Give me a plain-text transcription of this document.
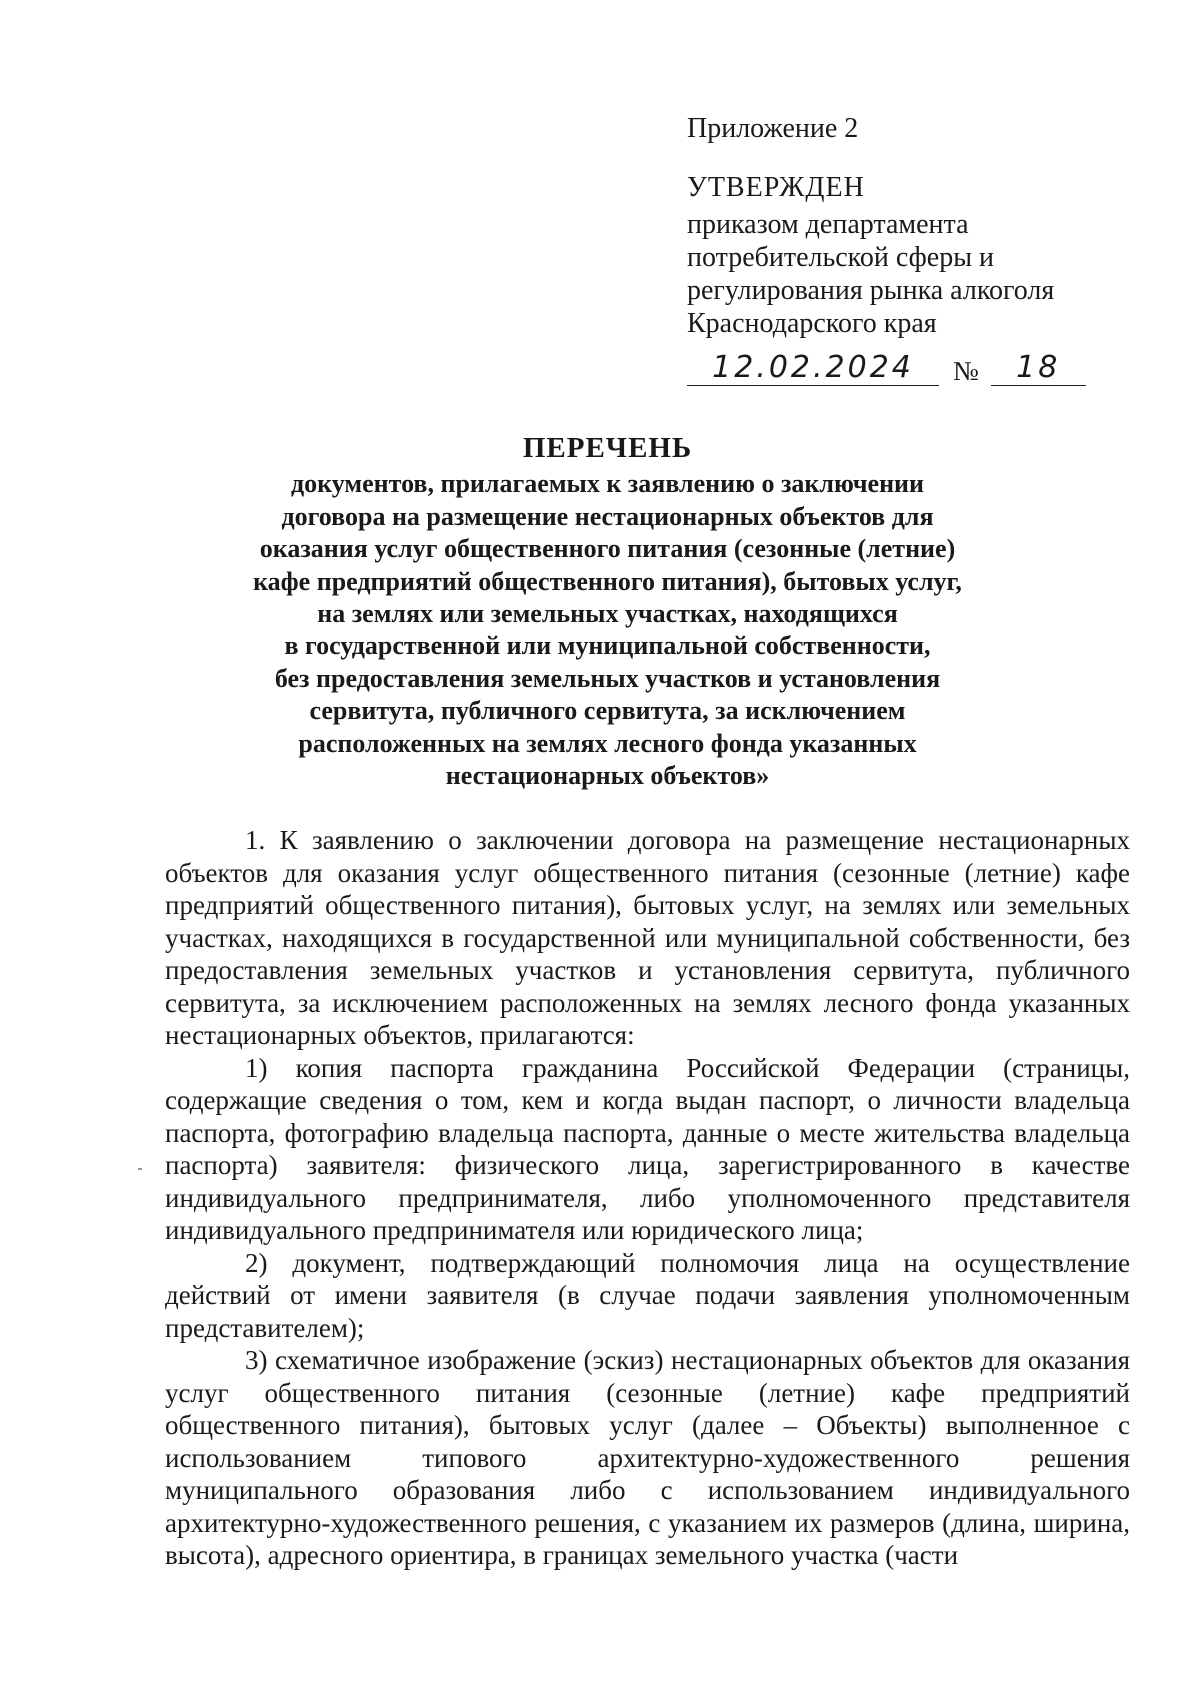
Приложение 2
УТВЕРЖДЕН
приказом департамента
потребительской сферы и
регулирования рынка алкоголя
Краснодарского края
12.02.2024	№	18
ПЕРЕЧЕНЬ
документов, прилагаемых к заявлению о заключении
договора на размещение нестационарных объектов для
оказания услуг общественного питания (сезонные (летние)
кафе предприятий общественного питания), бытовых услуг,
на землях или земельных участках, находящихся
в государственной или муниципальной собственности,
без предоставления земельных участков и установления
сервитута, публичного сервитута, за исключением
расположенных на землях лесного фонда указанных
нестационарных объектов»

1. К заявлению о заключении договора на размещение нестационарных объектов для оказания услуг общественного питания (сезонные (летние) кафе предприятий общественного питания), бытовых услуг, на землях или земельных участках, находящихся в государственной или муниципальной собственности, без предоставления земельных участков и установления сервитута, публичного сервитута, за исключением расположенных на землях лесного фонда указанных нестационарных объектов, прилагаются:

1) копия паспорта гражданина Российской Федерации (страницы, содержащие сведения о том, кем и когда выдан паспорт, о личности владельца паспорта, фотографию владельца паспорта, данные о месте жительства владельца паспорта) заявителя: физического лица, зарегистрированного в качестве индивидуального предпринимателя, либо уполномоченного представителя индивидуального предпринимателя или юридического лица;

2) документ, подтверждающий полномочия лица на осуществление действий от имени заявителя (в случае подачи заявления уполномоченным представителем);

3) схематичное изображение (эскиз) нестационарных объектов для оказания услуг общественного питания (сезонные (летние) кафе предприятий общественного питания), бытовых услуг (далее – Объекты) выполненное с использованием типового архитектурно-художественного решения муниципального образования либо с использованием индивидуального архитектурно-художественного решения, с указанием их размеров (длина, ширина, высота), адресного ориентира, в границах земельного участка (части
